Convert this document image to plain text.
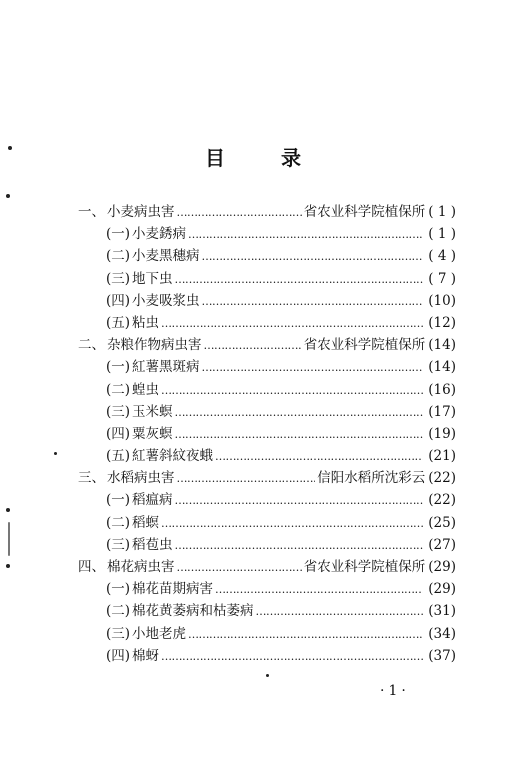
目	录
一、 小麦病虫害 ……………………………………………………………………………………………………………………	省农业科学院植保所 ( 1 )
(一) 小麦銹病 ……………………………………………………………………………………………………………………	( 1 )
(二) 小麦黑穗病 ……………………………………………………………………………………………………………………	( 4 )
(三) 地下虫 ……………………………………………………………………………………………………………………	( 7 )
(四) 小麦吸浆虫 ……………………………………………………………………………………………………………………	(10)
(五) 粘虫 ……………………………………………………………………………………………………………………	(12)
二、 杂粮作物病虫害 ……………………………………………………………………………………………………………………	省农业科学院植保所 (14)
(一) 紅薯黑斑病 ……………………………………………………………………………………………………………………	(14)
(二) 蝗虫 ……………………………………………………………………………………………………………………	(16)
(三) 玉米螟 ……………………………………………………………………………………………………………………	(17)
(四) 粟灰螟 ……………………………………………………………………………………………………………………	(19)
(五) 紅薯斜紋夜蛾 ……………………………………………………………………………………………………………………	(21)
三、 水稻病虫害 ……………………………………………………………………………………………………………………	信阳水稻所沈彩云 (22)
(一) 稻瘟病 ……………………………………………………………………………………………………………………	(22)
(二) 稻螟 ……………………………………………………………………………………………………………………	(25)
(三) 稻苞虫 ……………………………………………………………………………………………………………………	(27)
四、 棉花病虫害 ……………………………………………………………………………………………………………………	省农业科学院植保所 (29)
(一) 棉花苗期病害 ……………………………………………………………………………………………………………………	(29)
(二) 棉花黄萎病和枯萎病 ……………………………………………………………………………………………………………………	(31)
(三) 小地老虎 ……………………………………………………………………………………………………………………	(34)
(四) 棉蚜 ……………………………………………………………………………………………………………………	(37)
·1·
